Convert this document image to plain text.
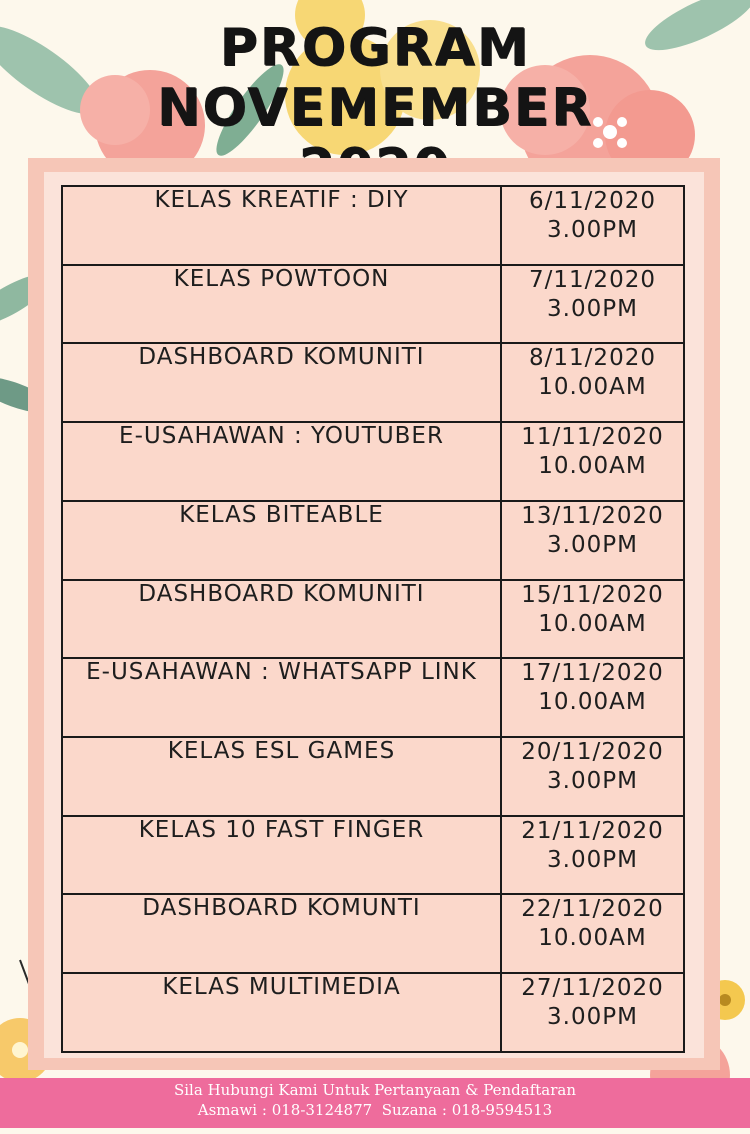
PROGRAM NOVEMEMBER
KELAS KREATIF : DIY	6/11/2020
3.00PM

KELAS POWTOON	7/11/2020
3.00PM

DASHBOARD KOMUNITI	8/11/2020
10.00AM

E-USAHAWAN : YOUTUBER	11/11/2020
10.00AM

KELAS BITEABLE	13/11/2020
3.00PM

DASHBOARD KOMUNITI	15/11/2020
10.00AM

E-USAHAWAN : WHATSAPP LINK	17/11/2020
10.00AM

KELAS ESL GAMES	20/11/2020
3.00PM

KELAS 10 FAST FINGER	21/11/2020
3.00PM

DASHBOARD KOMUNTI	22/11/2020
10.00AM

KELAS MULTIMEDIA	27/11/2020
3.00PM
Sila Hubungi Kami Untuk Pertanyaan & Pendaftaran
Asmawi : 018-3124877  Suzana : 018-9594513
